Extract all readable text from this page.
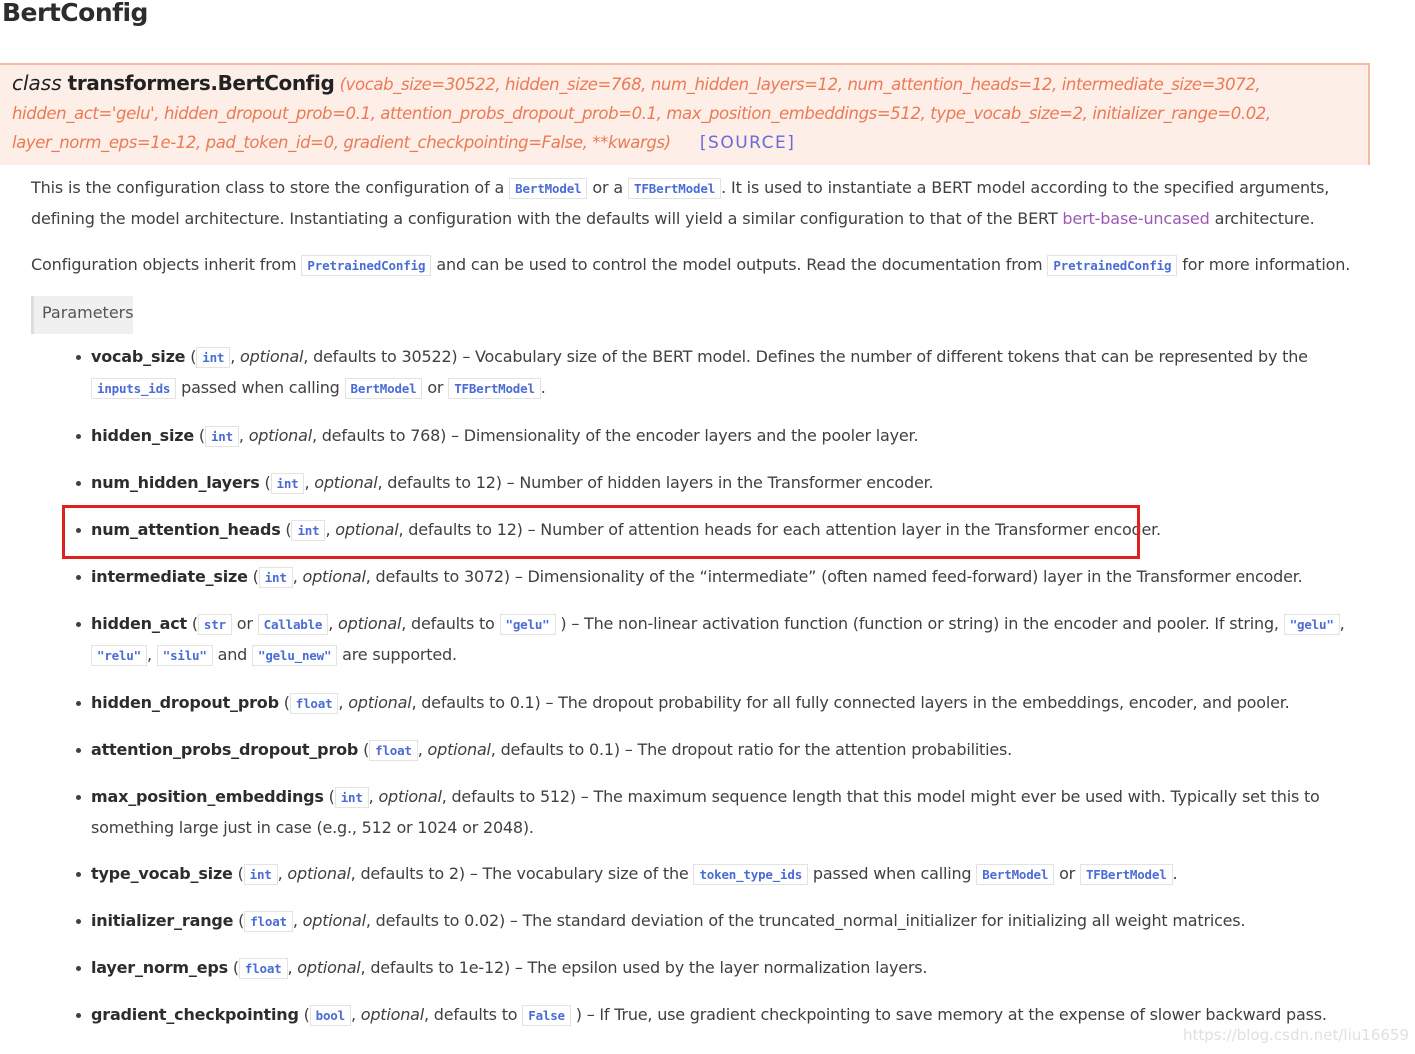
BertConfig
class transformers.BertConfig (vocab_size=30522, hidden_size=768, num_hidden_layers=12, num_attention_heads=12, intermediate_size=3072, hidden_act='gelu', hidden_dropout_prob=0.1, attention_probs_dropout_prob=0.1, max_position_embeddings=512, type_vocab_size=2, initializer_range=0.02, layer_norm_eps=1e-12, pad_token_id=0, gradient_checkpointing=False, **kwargs) [SOURCE]

This is the configuration class to store the configuration of a BertModel or a TFBertModel . It is used to instantiate a BERT model according to the specified arguments, defining the model architecture. Instantiating a configuration with the defaults will yield a similar configuration to that of the BERT bert-base-uncased architecture.

Configuration objects inherit from PretrainedConfig and can be used to control the model outputs. Read the documentation from PretrainedConfig for more information.

Parameters
vocab_size ( int , optional, defaults to 30522) – Vocabulary size of the BERT model. Defines the number of different tokens that can be represented by the inputs_ids passed when calling BertModel or TFBertModel .
hidden_size ( int , optional, defaults to 768) – Dimensionality of the encoder layers and the pooler layer.
num_hidden_layers ( int , optional, defaults to 12) – Number of hidden layers in the Transformer encoder.
num_attention_heads ( int , optional, defaults to 12) – Number of attention heads for each attention layer in the Transformer encoder.
intermediate_size ( int , optional, defaults to 3072) – Dimensionality of the “intermediate” (often named feed-forward) layer in the Transformer encoder.
hidden_act ( str or Callable , optional, defaults to "gelu" ) – The non-linear activation function (function or string) in the encoder and pooler. If string, "gelu" , "relu" , "silu" and "gelu_new" are supported.
hidden_dropout_prob ( float , optional, defaults to 0.1) – The dropout probability for all fully connected layers in the embeddings, encoder, and pooler.
attention_probs_dropout_prob ( float , optional, defaults to 0.1) – The dropout ratio for the attention probabilities.
max_position_embeddings ( int , optional, defaults to 512) – The maximum sequence length that this model might ever be used with. Typically set this to something large just in case (e.g., 512 or 1024 or 2048).
type_vocab_size ( int , optional, defaults to 2) – The vocabulary size of the token_type_ids passed when calling BertModel or TFBertModel .
initializer_range ( float , optional, defaults to 0.02) – The standard deviation of the truncated_normal_initializer for initializing all weight matrices.
layer_norm_eps ( float , optional, defaults to 1e-12) – The epsilon used by the layer normalization layers.
gradient_checkpointing ( bool , optional, defaults to False ) – If True, use gradient checkpointing to save memory at the expense of slower backward pass.
https://blog.csdn.net/liu16659
